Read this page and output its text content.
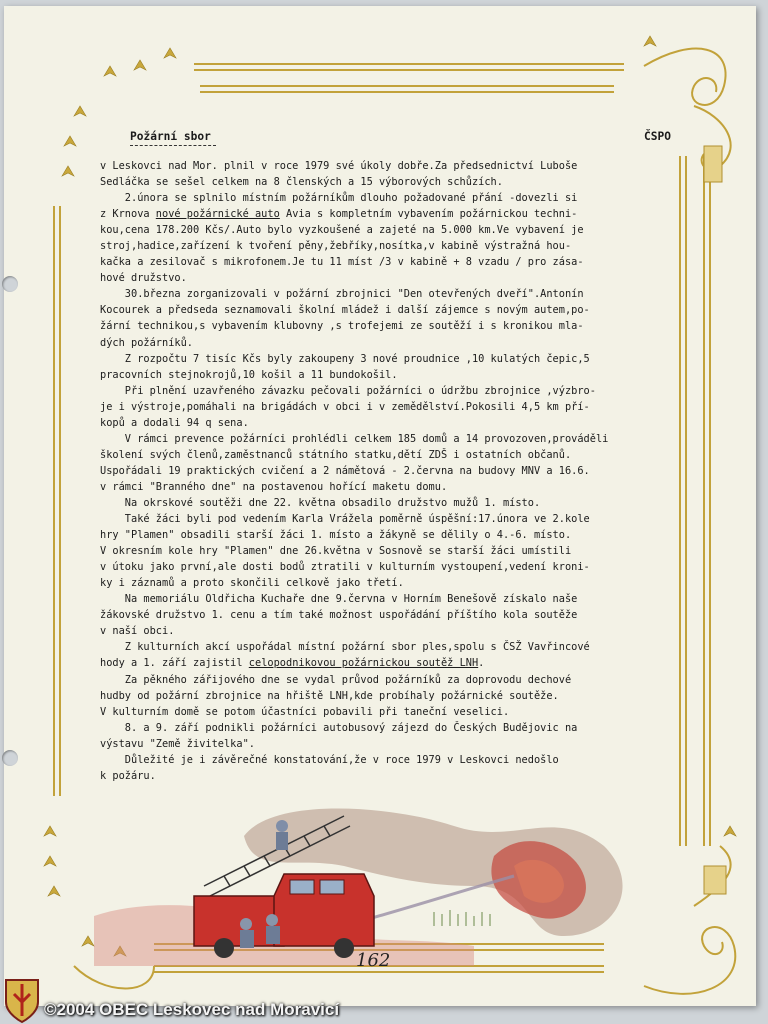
Požární sbor	ČSPO
v Leskovci nad Mor. plnil v roce 1979 své úkoly dobře.Za předsednictví Luboše
Sedláčka se sešel celkem na 8 členských a 15 výborových schůzích.
2.února se splnilo místním požárníkům dlouho požadované přání -dovezli si
z Krnova nové požárnické auto Avia s kompletním vybavením požárnickou techni-
kou,cena 178.200 Kčs/.Auto bylo vyzkoušené a zajeté na 5.000 km.Ve vybavení je
stroj,hadice,zařízení k tvoření pěny,žebříky,nosítka,v kabině výstražná hou-
kačka a zesilovač s mikrofonem.Je tu 11 míst /3 v kabině + 8 vzadu / pro zása-
hové družstvo.
30.března zorganizovali v požární zbrojnici "Den otevřených dveří".Antonín
Kocourek a předseda seznamovali školní mládež i další zájemce s novým autem,po-
žární technikou,s vybavením klubovny ,s trofejemi ze soutěží i s kronikou mla-
dých požárníků.
Z rozpočtu 7 tisíc Kčs byly zakoupeny 3 nové proudnice ,10 kulatých čepic,5
pracovních stejnokrojů,10 košil a 11 bundokošil.
Při plnění uzavřeného závazku pečovali požárníci o údržbu zbrojnice ,výzbro-
je i výstroje,pomáhali na brigádách v obci i v zemědělství.Pokosili 4,5 km pří-
kopů a dodali 94 q sena.
V rámci prevence požárníci prohlédli celkem 185 domů a 14 provozoven,prováděli
školení svých členů,zaměstnanců státního statku,dětí ZDŠ i ostatních občanů.
Uspořádali 19 praktických cvičení a 2 námětová - 2.června na budovy MNV a 16.6.
v rámci "Branného dne" na postavenou hořící maketu domu.
Na okrskové soutěži dne 22. května obsadilo družstvo mužů 1. místo.
Také žáci byli pod vedením Karla Vrážela poměrně úspěšní:17.února ve 2.kole
hry "Plamen" obsadili starší žáci 1. místo a žákyně se dělily o 4.-6. místo.
V okresním kole hry "Plamen" dne 26.května v Sosnově se starší žáci umístili
v útoku jako první,ale dosti bodů ztratili v kulturním vystoupení,vedení kroni-
ky i záznamů a proto skončili celkově jako třetí.
Na memoriálu Oldřicha Kuchaře dne 9.června v Horním Benešově získalo naše
žákovské družstvo 1. cenu a tím také možnost uspořádání příštího kola soutěže
v naší obci.
Z kulturních akcí uspořádal místní požární sbor ples,spolu s ČSŽ Vavřincové
hody a 1. září zajistil celopodnikovou požárnickou soutěž LNH.
Za pěkného zářijového dne se vydal průvod požárníků za doprovodu dechové
hudby od požární zbrojnice na hřiště LNH,kde probíhaly požárnické soutěže.
V kulturním domě se potom účastníci pobavili při taneční veselici.
8. a 9. září podnikli požárníci autobusový zájezd do Českých Budějovic na
výstavu "Země živitelka".
Důležité je i závěrečné konstatování,že v roce 1979 v Leskovci nedošlo
k požáru.
162
©2004 OBEC Leskovec nad Moravicí
